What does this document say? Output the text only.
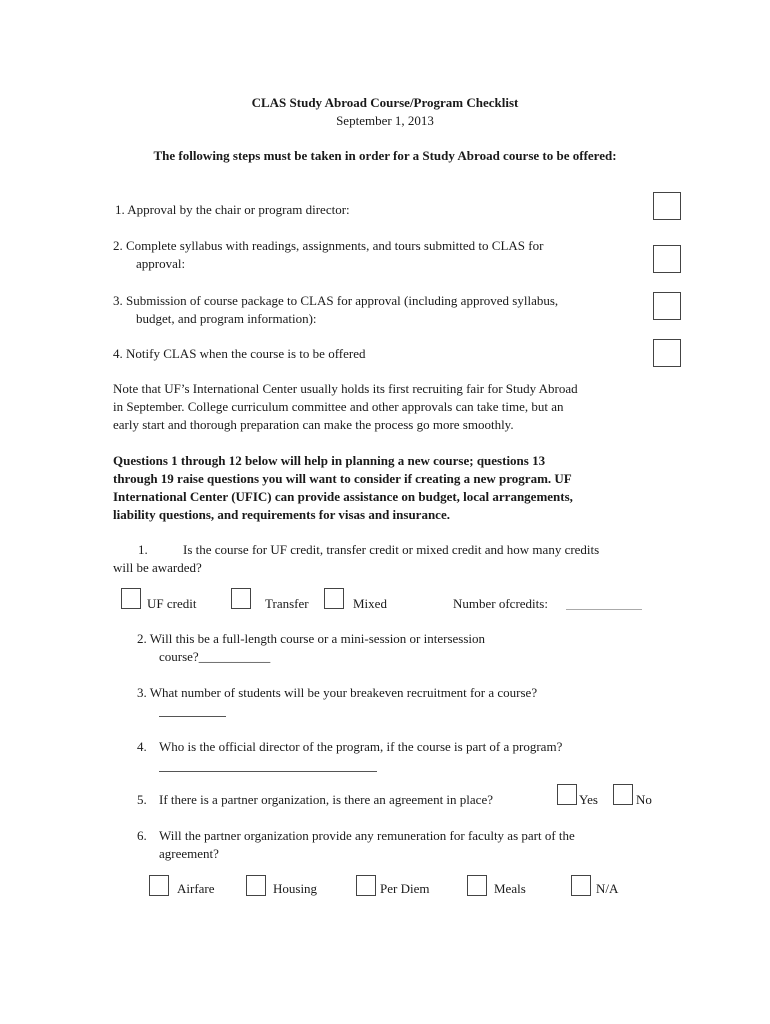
CLAS Study Abroad Course/Program Checklist
September 1, 2013
The following steps must be taken in order for a Study Abroad course to be offered:
1. Approval by the chair or program director:
2. Complete syllabus with readings, assignments, and tours submitted to CLAS for
approval:
3. Submission of course package to CLAS for approval (including approved syllabus,
budget, and program information):
4. Notify CLAS when the course is to be offered
Note that UF’s International Center usually holds its first recruiting fair for Study Abroad
in September. College curriculum committee and other approvals can take time, but an
early start and thorough preparation can make the process go more smoothly.
Questions 1 through 12 below will help in planning a new course; questions 13
through 19 raise questions you will want to consider if creating a new program. UF
International Center (UFIC) can provide assistance on budget, local arrangements,
liability questions, and requirements for visas and insurance.
1.	Is the course for UF credit, transfer credit or mixed credit and how many credits
will be awarded?
UF credit	Transfer	Mixed	Number ofcredits:
2. Will this be a full-length course or a mini-session or intersession
course?___________
3. What number of students will be your breakeven recruitment for a course?
4. Who is the official director of the program, if the course is part of a program?
5. If there is a partner organization, is there an agreement in place?	Yes	No
6. Will the partner organization provide any remuneration for faculty as part of the
agreement?
Airfare	Housing	Per Diem	Meals	N/A
